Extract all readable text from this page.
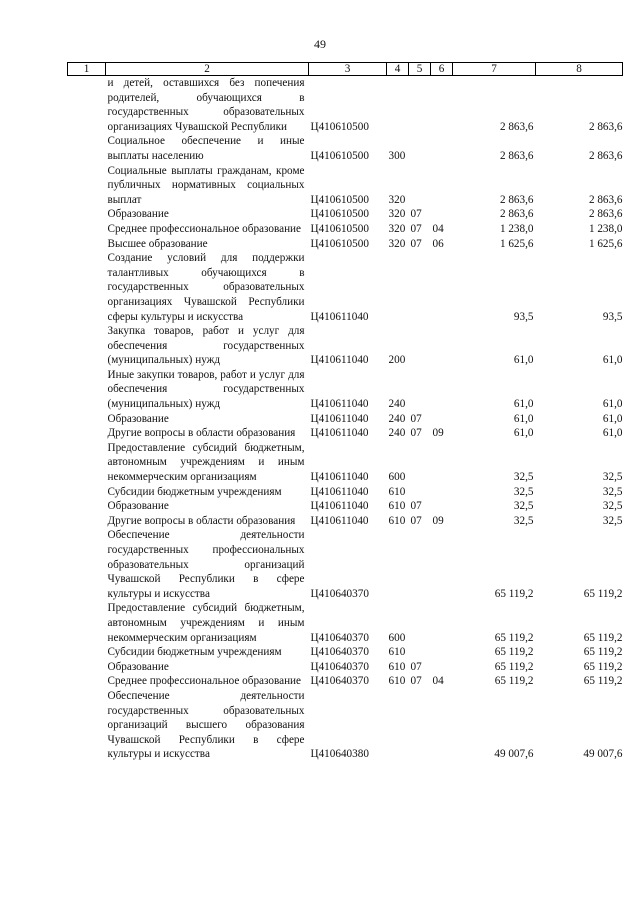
49
1	2	3	4	5	6	7	8
	и детей, оставшихся без попечения родителей, обучающихся в государственных образовательных организациях Чувашской Республики	Ц410610500				2 863,6	2 863,6
	Социальное обеспечение и иные выплаты населению	Ц410610500	300			2 863,6	2 863,6
	Социальные выплаты гражданам, кроме публичных нормативных социальных выплат	Ц410610500	320			2 863,6	2 863,6
	Образование	Ц410610500	320	07		2 863,6	2 863,6
	Среднее профессиональное образование	Ц410610500	320	07	04	1 238,0	1 238,0
	Высшее образование	Ц410610500	320	07	06	1 625,6	1 625,6
	Создание условий для поддержки талантливых обучающихся в государственных образовательных организациях Чувашской Республики сферы культуры и искусства	Ц410611040				93,5	93,5
	Закупка товаров, работ и услуг для обеспечения государственных (муниципальных) нужд	Ц410611040	200			61,0	61,0
	Иные закупки товаров, работ и услуг для обеспечения государственных (муниципальных) нужд	Ц410611040	240			61,0	61,0
	Образование	Ц410611040	240	07		61,0	61,0
	Другие вопросы в области образования	Ц410611040	240	07	09	61,0	61,0
	Предоставление субсидий бюджетным, автономным учреждениям и иным некоммерческим организациям	Ц410611040	600			32,5	32,5
	Субсидии бюджетным учреждениям	Ц410611040	610			32,5	32,5
	Образование	Ц410611040	610	07		32,5	32,5
	Другие вопросы в области образования	Ц410611040	610	07	09	32,5	32,5
	Обеспечение деятельности государственных профессиональных образовательных организаций Чувашской Республики в сфере культуры и искусства	Ц410640370				65 119,2	65 119,2
	Предоставление субсидий бюджетным, автономным учреждениям и иным некоммерческим организациям	Ц410640370	600			65 119,2	65 119,2
	Субсидии бюджетным учреждениям	Ц410640370	610			65 119,2	65 119,2
	Образование	Ц410640370	610	07		65 119,2	65 119,2
	Среднее профессиональное образование	Ц410640370	610	07	04	65 119,2	65 119,2
	Обеспечение деятельности государственных образовательных организаций высшего образования Чувашской Республики в сфере культуры и искусства	Ц410640380				49 007,6	49 007,6
